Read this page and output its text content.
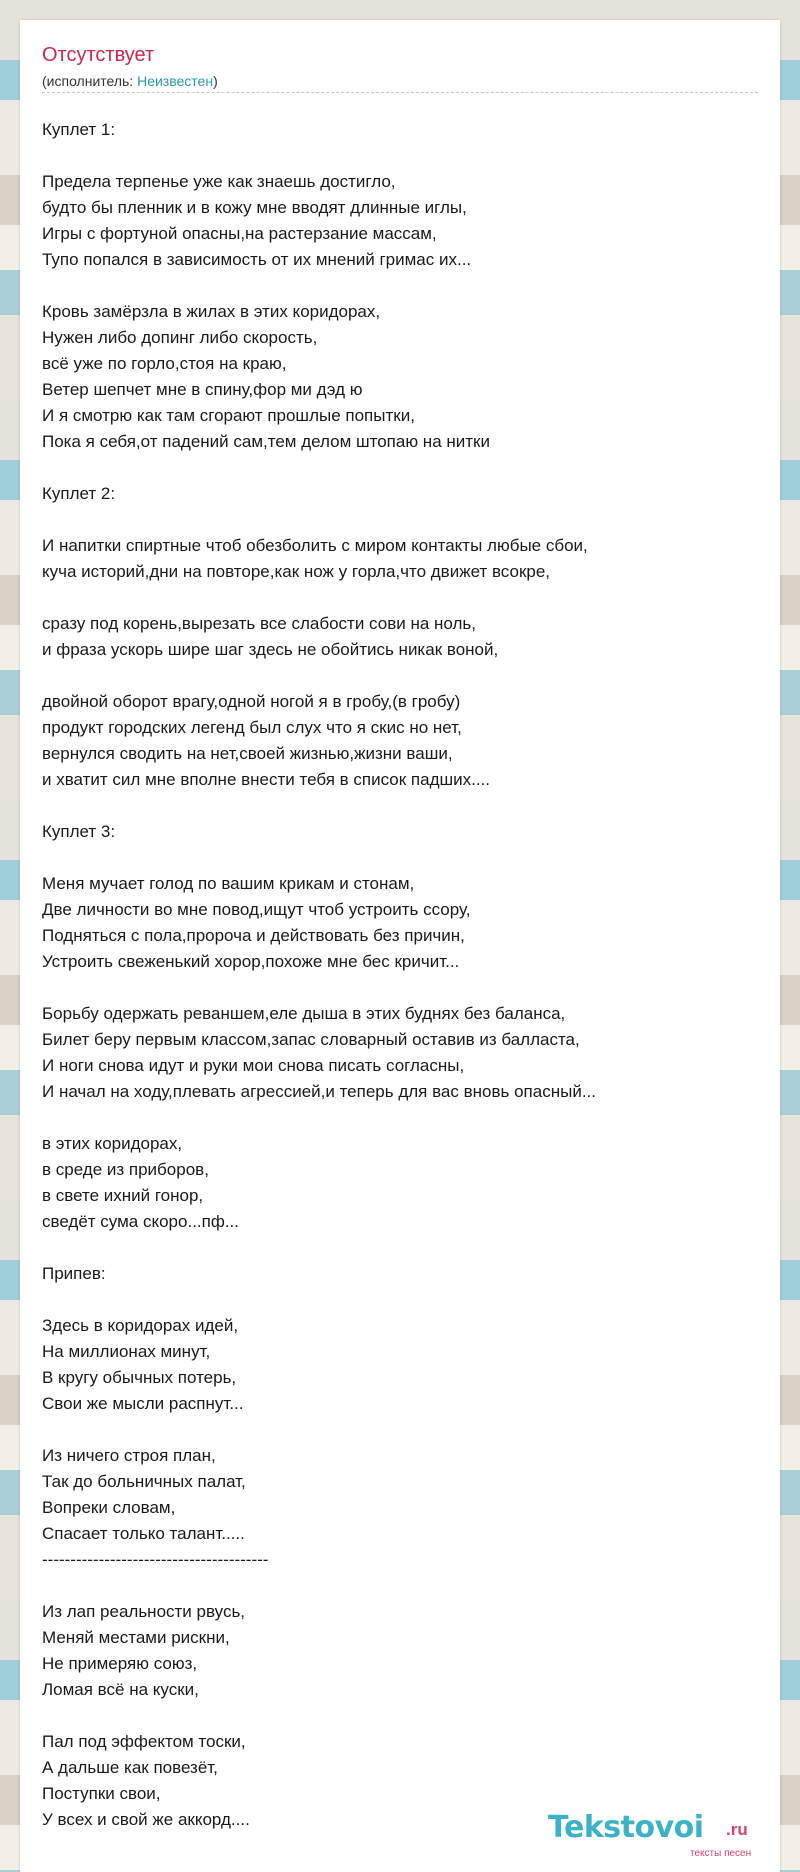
Отсутствует
(исполнитель: Неизвестен)
Куплет 1:
Предела терпенье уже как знаешь достигло,
будто бы пленник и в кожу мне вводят длинные иглы,
Игры с фортуной опасны,на растерзание массам,
Тупо попался в зависимость от их мнений гримас их...
Кровь замёрзла в жилах в этих коридорах,
Нужен либо допинг либо скорость,
всё уже по горло,стоя на краю,
Ветер шепчет мне в спину,фор ми дэд ю
И я смотрю как там сгорают прошлые попытки,
Пока я себя,от падений сам,тем делом штопаю на нитки
Куплет 2:
И напитки спиртные чтоб обезболить с миром контакты любые сбои,
куча историй,дни на повторе,как нож у горла,что движет всокре,
сразу под корень,вырезать все слабости сови на ноль,
и фраза ускорь шире шаг здесь не обойтись никак воной,
двойной оборот врагу,одной ногой я в гробу,(в гробу)
продукт городских легенд был слух что я скис но нет,
вернулся сводить на нет,своей жизнью,жизни ваши,
и хватит сил мне вполне внести тебя в список падших....
Куплет 3:
Меня мучает голод по вашим крикам и стонам,
Две личности во мне повод,ищут чтоб устроить ссору,
Подняться с пола,пророча и действовать без причин,
Устроить свеженький хорор,похоже мне бес кричит...
Борьбу одержать реваншем,еле дыша в этих буднях без баланса,
Билет беру первым классом,запас словарный оставив из балласта,
И ноги снова идут и руки мои снова писать согласны,
И начал на ходу,плевать агрессией,и теперь для вас вновь опасный...
в этих коридорах,
в среде из приборов,
в свете ихний гонор,
сведёт сума скоро...пф...
Припев:
Здесь в коридорах идей,
На миллионах минут,
В кругу обычных потерь,
Свои же мысли распнут...
Из ничего строя план,
Так до больничных палат,
Вопреки словам,
Спасает только талант.....
----------------------------------------
Из лап реальности рвусь,
Меняй местами рискни,
Не примеряю союз,
Ломая всё на куски,
Пал под эффектом тоски,
А дальше как повезёт,
Поступки свои,
У всех и свой же аккорд....	Tekstovoi .ru
тексты песен
